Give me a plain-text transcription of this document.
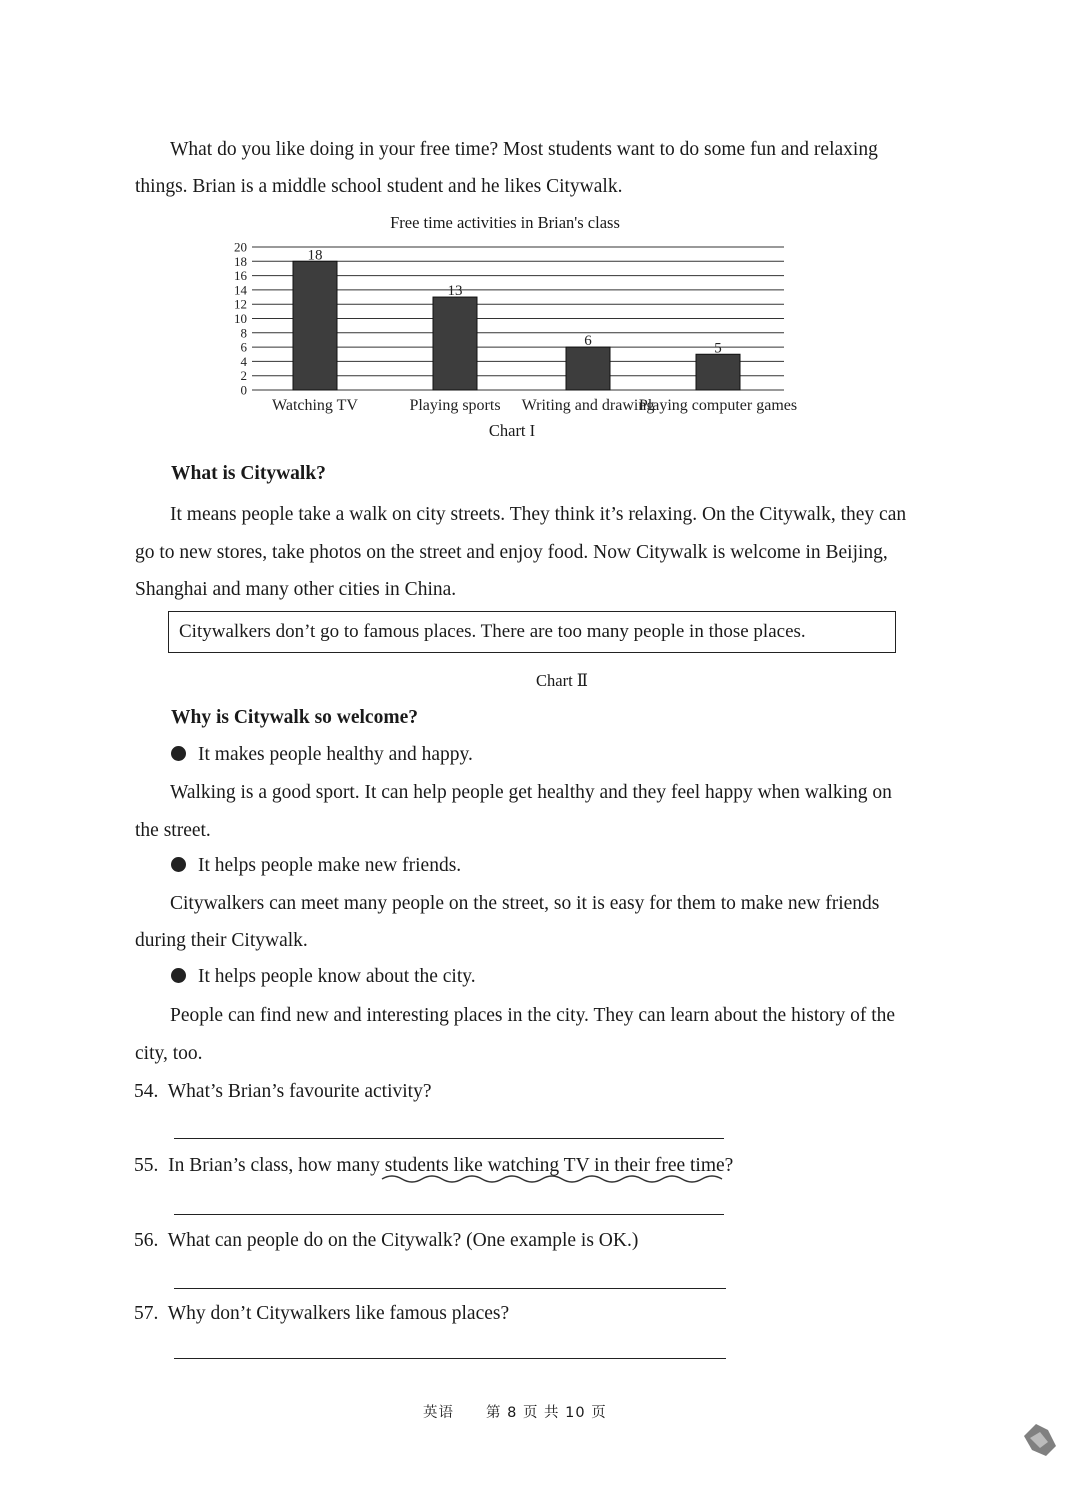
What do you like doing in your free time? Most students want to do some fun and relaxing
things. Brian is a middle school student and he likes Citywalk.
Free time activities in Brian's class
0
2
4
6
8
10
12
14
16
18
20
18
Watching TV
13
Playing sports
6
Writing and drawing
5
Playing computer games
Chart I
What is Citywalk?
It means people take a walk on city streets. They think it’s relaxing. On the Citywalk, they can
go to new stores, take photos on the street and enjoy food. Now Citywalk is welcome in Beijing,
Shanghai and many other cities in China.
Citywalkers don’t go to famous places. There are too many people in those places.
Chart Ⅱ
Why is Citywalk so welcome?
It makes people healthy and happy.
Walking is a good sport. It can help people get healthy and they feel happy when walking on
the street.
It helps people make new friends.
Citywalkers can meet many people on the street, so it is easy for them to make new friends
during their Citywalk.
It helps people know about the city.
People can find new and interesting places in the city. They can learn about the history of the
city, too.
54. What’s Brian’s favourite activity?
55. In Brian’s class, how many students like watching TV in their free time?
56. What can people do on the Citywalk? (One example is OK.)
57. Why don’t Citywalkers like famous places?
英语 第 8 页 共 10 页
